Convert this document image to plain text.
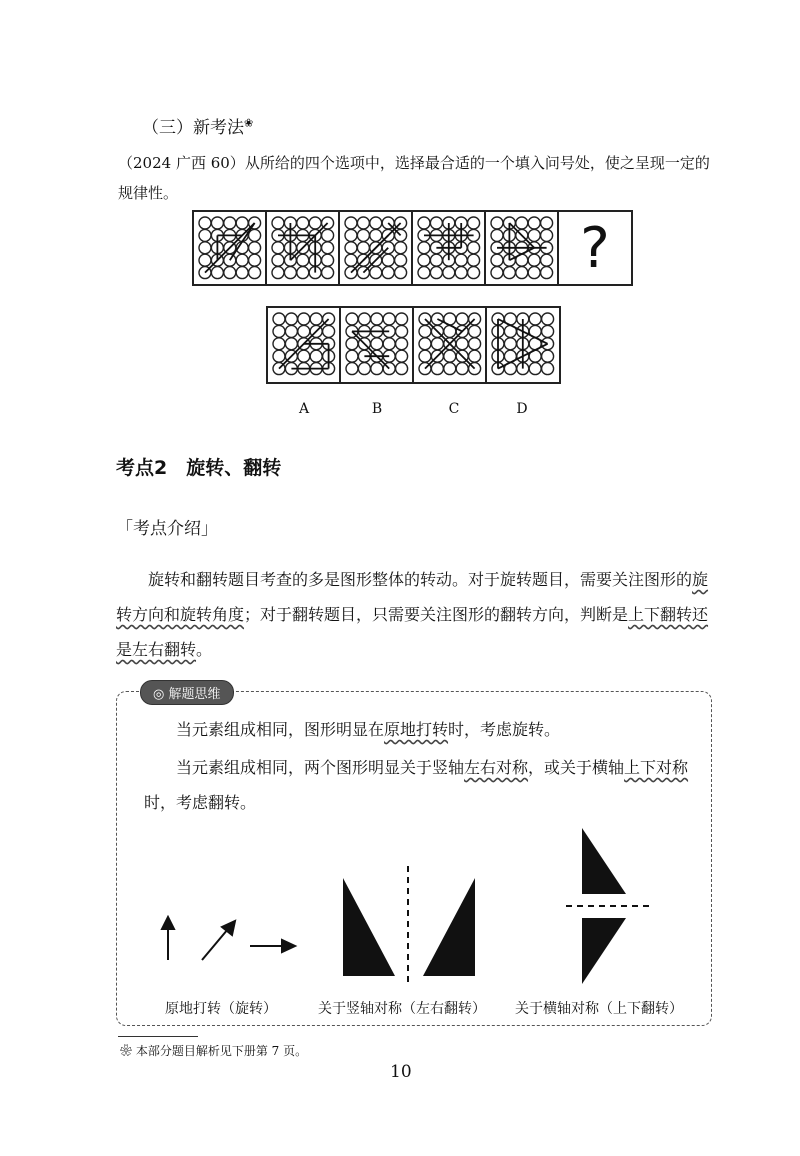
（三）新考法❀
（2024 广西 60）从所给的四个选项中，选择最合适的一个填入问号处，使之呈现一定的规律性。
?
A	B	C	D
考点2　旋转、翻转
「考点介绍」
旋转和翻转题目考查的多是图形整体的转动。对于旋转题目，需要关注图形的旋转方向和旋转角度；对于翻转题目，只需要关注图形的翻转方向，判断是上下翻转还是左右翻转。
◎ 解题思维
当元素组成相同，图形明显在原地打转时，考虑旋转。
当元素组成相同，两个图形明显关于竖轴左右对称，或关于横轴上下对称时，考虑翻转。
原地打转（旋转）	关于竖轴对称（左右翻转） 关于横轴对称（上下翻转）
❀ 本部分题目解析见下册第 7 页。
10
